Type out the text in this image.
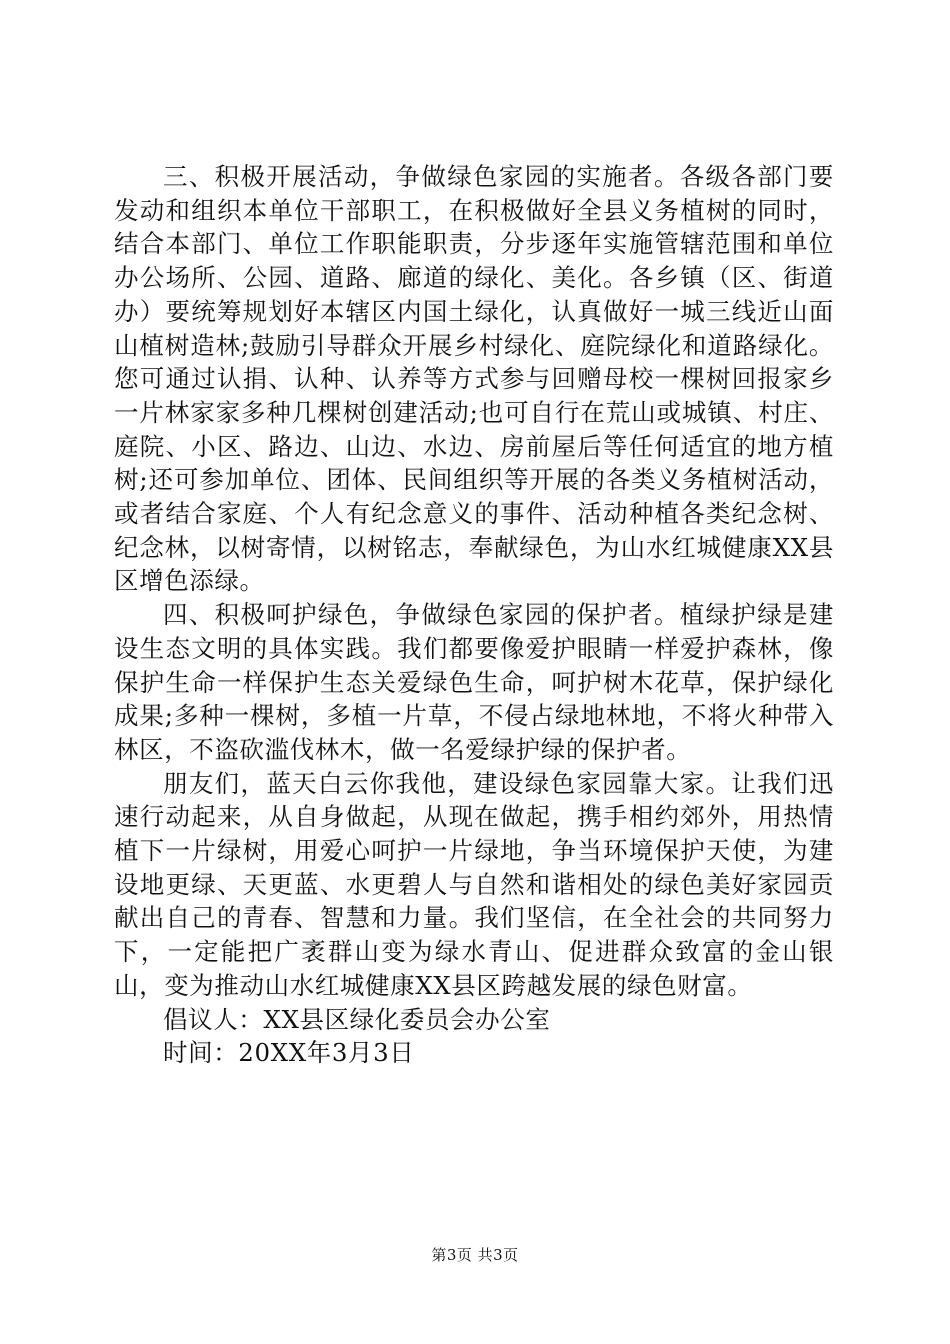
三、积极开展活动，争做绿色家园的实施者。各级各部门要发动和组织本单位干部职工，在积极做好全县义务植树的同时，结合本部门、单位工作职能职责，分步逐年实施管辖范围和单位办公场所、公园、道路、廊道的绿化、美化。各乡镇（区、街道办）要统筹规划好本辖区内国土绿化，认真做好一城三线近山面山植树造林;鼓励引导群众开展乡村绿化、庭院绿化和道路绿化。您可通过认捐、认种、认养等方式参与回赠母校一棵树回报家乡一片林家家多种几棵树创建活动;也可自行在荒山或城镇、村庄、庭院、小区、路边、山边、水边、房前屋后等任何适宜的地方植树;还可参加单位、团体、民间组织等开展的各类义务植树活动，或者结合家庭、个人有纪念意义的事件、活动种植各类纪念树、纪念林，以树寄情，以树铭志，奉献绿色，为山水红城健康XX县区增色添绿。

四、积极呵护绿色，争做绿色家园的保护者。植绿护绿是建设生态文明的具体实践。我们都要像爱护眼睛一样爱护森林，像保护生命一样保护生态关爱绿色生命，呵护树木花草，保护绿化成果;多种一棵树，多植一片草，不侵占绿地林地，不将火种带入林区，不盗砍滥伐林木，做一名爱绿护绿的保护者。

朋友们，蓝天白云你我他，建设绿色家园靠大家。让我们迅速行动起来，从自身做起，从现在做起，携手相约郊外，用热情植下一片绿树，用爱心呵护一片绿地，争当环境保护天使，为建设地更绿、天更蓝、水更碧人与自然和谐相处的绿色美好家园贡献出自己的青春、智慧和力量。我们坚信，在全社会的共同努力下，一定能把广袤群山变为绿水青山、促进群众致富的金山银山，变为推动山水红城健康XX县区跨越发展的绿色财富。

倡议人：XX县区绿化委员会办公室

时间：20XX年3月3日

第3页 共3页
